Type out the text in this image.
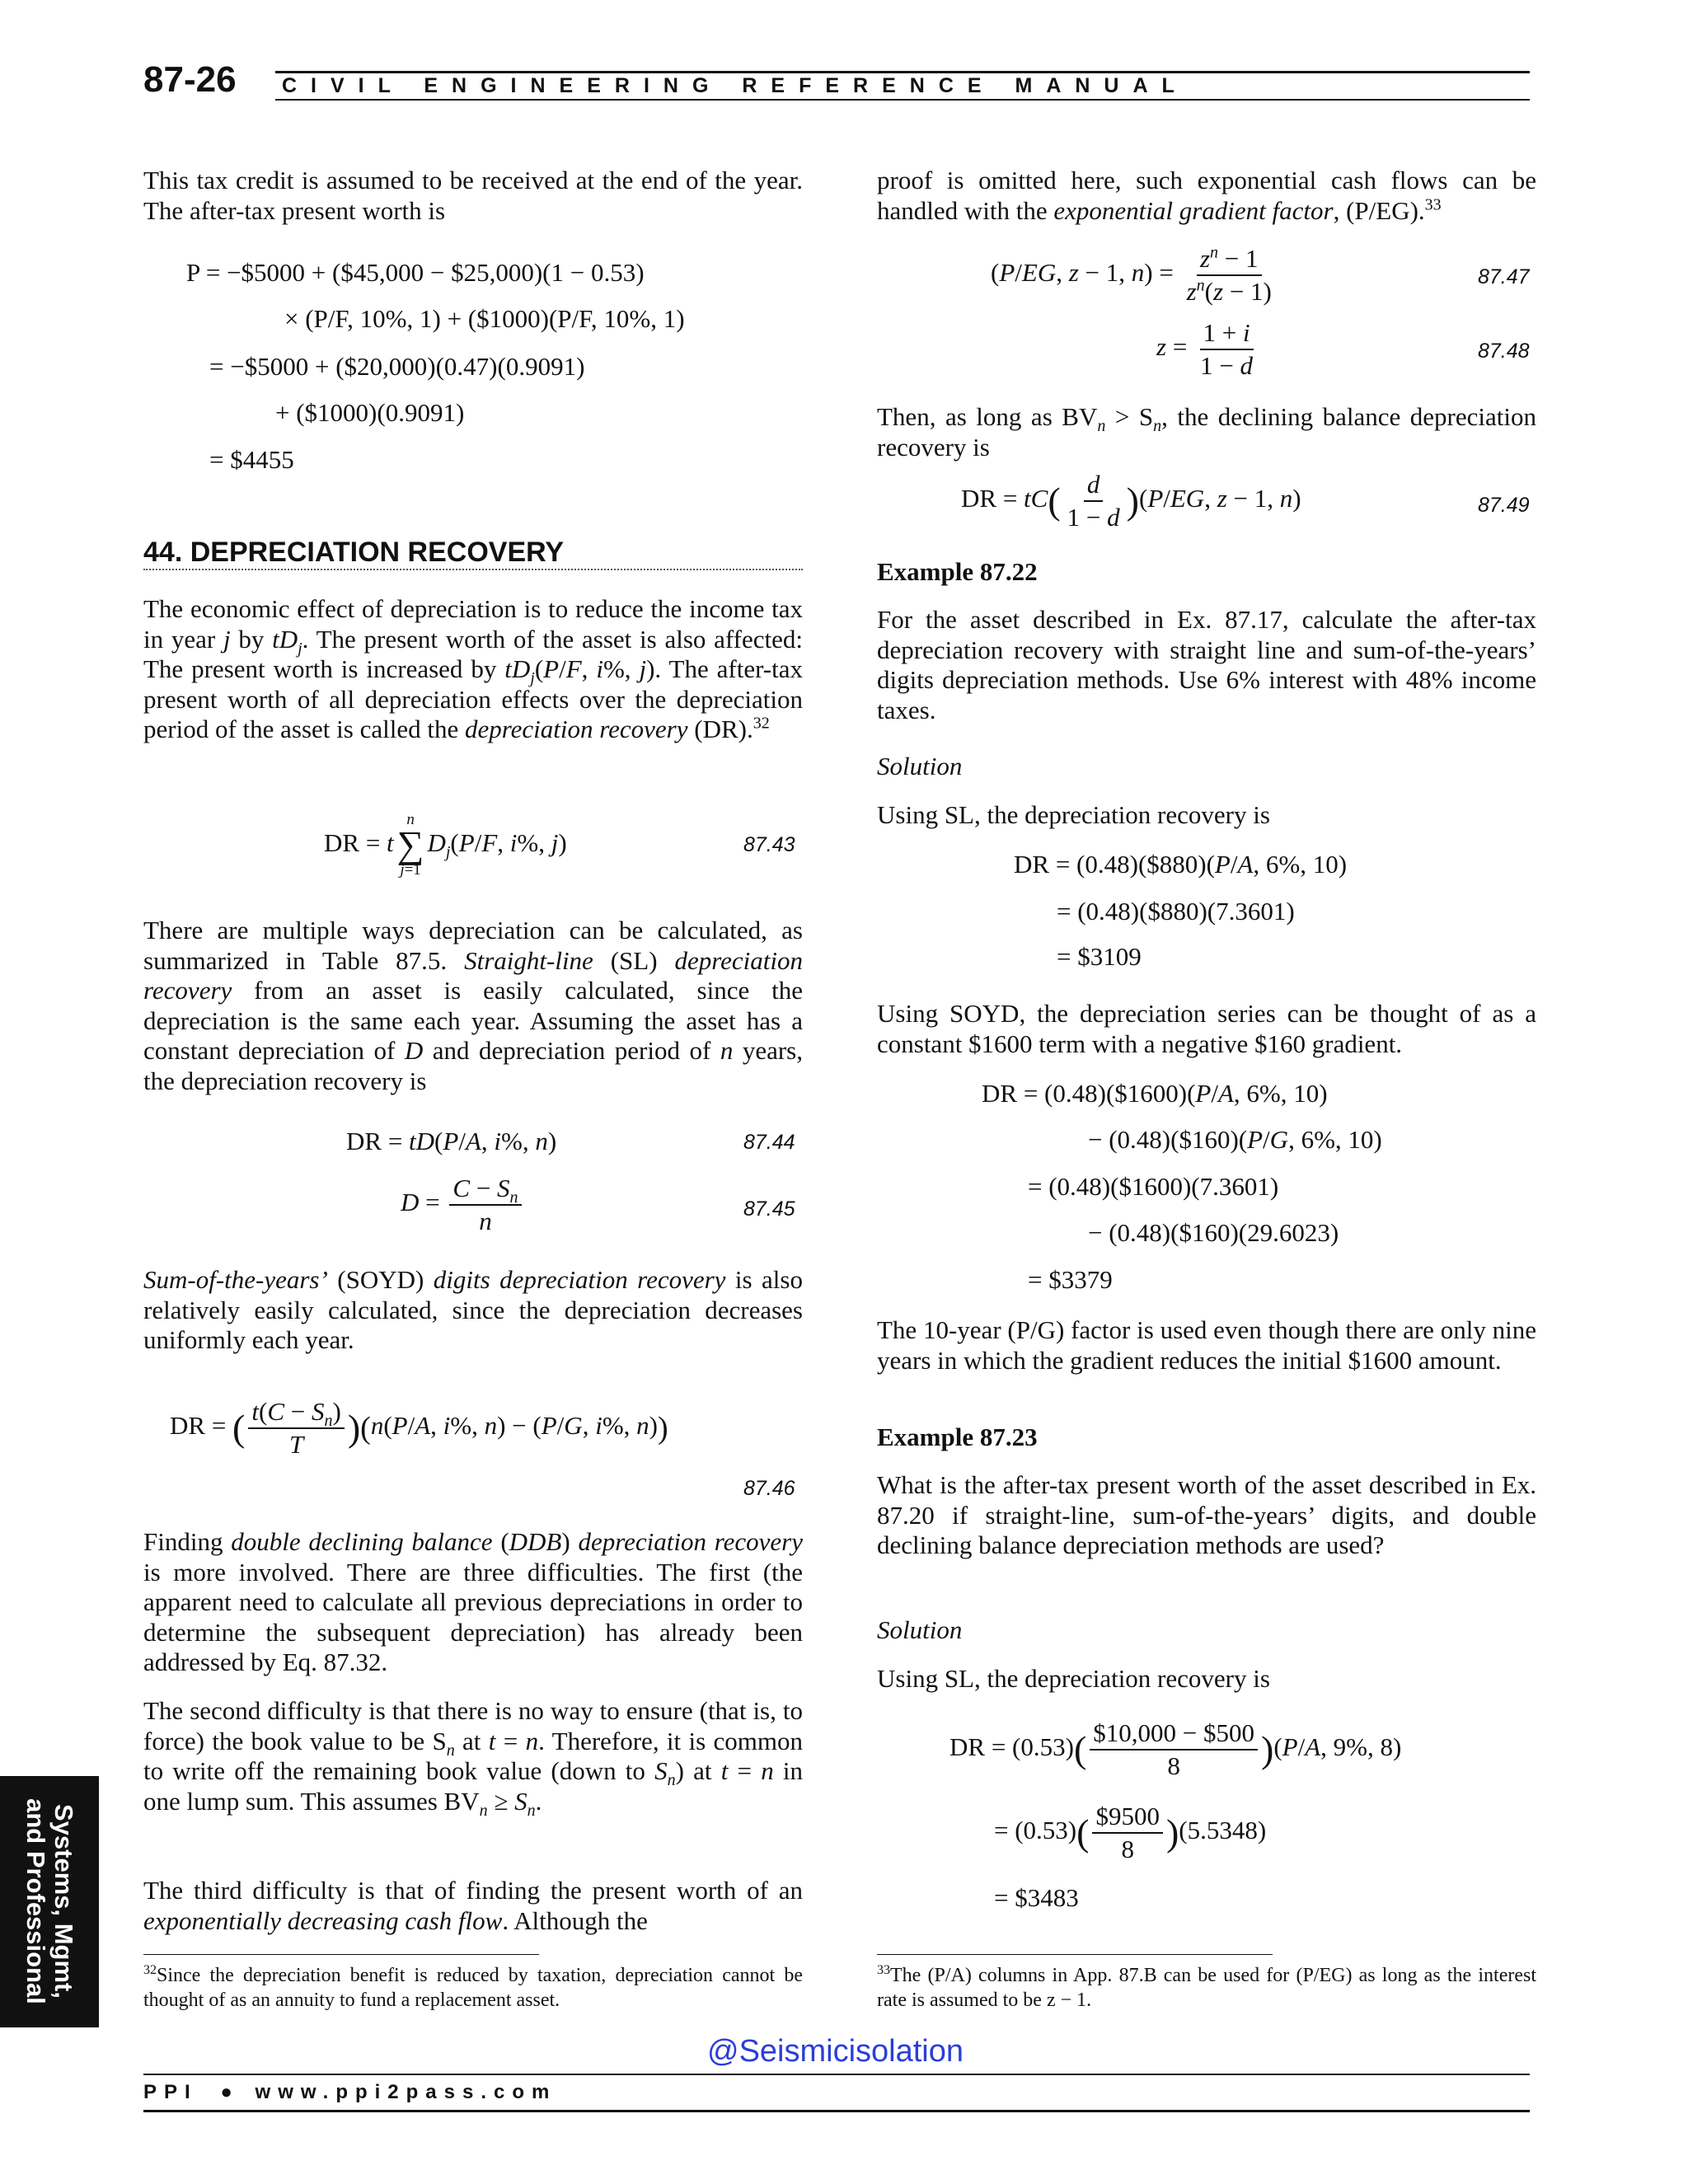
87-26 CIVIL ENGINEERING REFERENCE MANUAL
Systems, Mgmt,
and Professional

This tax credit is assumed to be received at the end of the year. The after-tax present worth is

P = −$5000 + ($45,000 − $25,000)(1 − 0.53)
× (P/F, 10%, 1) + ($1000)(P/F, 10%, 1)
= −$5000 + ($20,000)(0.47)(0.9091)
+ ($1000)(0.9091)
= $4455
44. DEPRECIATION RECOVERY

The economic effect of depreciation is to reduce the income tax in year j by $tD_j$. The present worth of the asset is also affected: The present worth is increased by $tD_j(P/F$, i%, j). The after-tax present worth of all depreciation effects over the depreciation period of the asset is called the depreciation recovery (DR).$^{32}$

DR = t
n
∑
j=1
$D_j(P/F$, i%, j)	87.43

There are multiple ways depreciation can be calculated, as summarized in Table 87.5. Straight-line (SL) depreciation recovery from an asset is easily calculated, since the depreciation is the same each year. Assuming the asset has a constant depreciation of D and depreciation period of n years, the depreciation recovery is

DR = tD(P/A, i%, n)	87.44
$D = \frac{C - S_n}{n}$	87.45

Sum-of-the-years’ (SOYD) digits depreciation recovery is also relatively easily calculated, since the depreciation decreases uniformly each year.

DR = ( $\frac{t(C - S_n)}{T} )(n(P/A$, i%, n) − (P/G, i%, n))
87.46

Finding double declining balance (DDB) depreciation recovery is more involved. There are three difficulties. The first (the apparent need to calculate all previous depreciations in order to determine the subsequent depreciation) has already been addressed by Eq. 87.32.

The second difficulty is that there is no way to ensure (that is, to force) the book value to be $S_n$ at t = n. Therefore, it is common to write off the remaining book value (down to $S_n$) at t = n in one lump sum. This assumes $BV_n \ge S_n$.

The third difficulty is that of finding the present worth of an exponentially decreasing cash flow. Although the

$^{32}$Since the depreciation benefit is reduced by taxation, depreciation cannot be thought of as an annuity to fund a replacement asset.

proof is omitted here, such exponential cash flows can be handled with the exponential gradient factor, (P/EG).$^{33}$

(P/EG, z − 1, $n) = \frac{z^n - 1}{z^n(z - 1)}$	87.47
$z = \frac{1 + i}{1 - d}$	87.48

Then, as long as $BV_n > S_n$, the declining balance depreciation recovery is

DR = $tC( \frac{d}{1 - d} )(P/EG$, z − 1, n)	87.49
Example 87.22

For the asset described in Ex. 87.17, calculate the after-tax depreciation recovery with straight line and sum-of-the-years’ digits depreciation methods. Use 6% interest with 48% income taxes.

Solution

Using SL, the depreciation recovery is

DR = (0.48)($880)(P/A, 6%, 10)
= (0.48)($880)(7.3601)
= $3109

Using SOYD, the depreciation series can be thought of as a constant $1600 term with a negative $160 gradient.

DR = (0.48)($1600)(P/A, 6%, 10)
− (0.48)($160)(P/G, 6%, 10)
= (0.48)($1600)(7.3601)
− (0.48)($160)(29.6023)
= $3379

The 10-year (P/G) factor is used even though there are only nine years in which the gradient reduces the initial $1600 amount.

Example 87.23

What is the after-tax present worth of the asset described in Ex. 87.20 if straight-line, sum-of-the-years’ digits, and double declining balance depreciation methods are used?

Solution

Using SL, the depreciation recovery is

DR = $(0.53)( \frac{\$10,000 - \$500}{8} )(P/A$, 9%, 8)
= $(0.53)( \frac{\$9500}{8} )(5.5348)$
= $3483

$^{33}$The (P/A) columns in App. 87.B can be used for (P/EG) as long as the interest rate is assumed to be z − 1.

@Seismicisolation
PPI ● www.ppi2pass.com
